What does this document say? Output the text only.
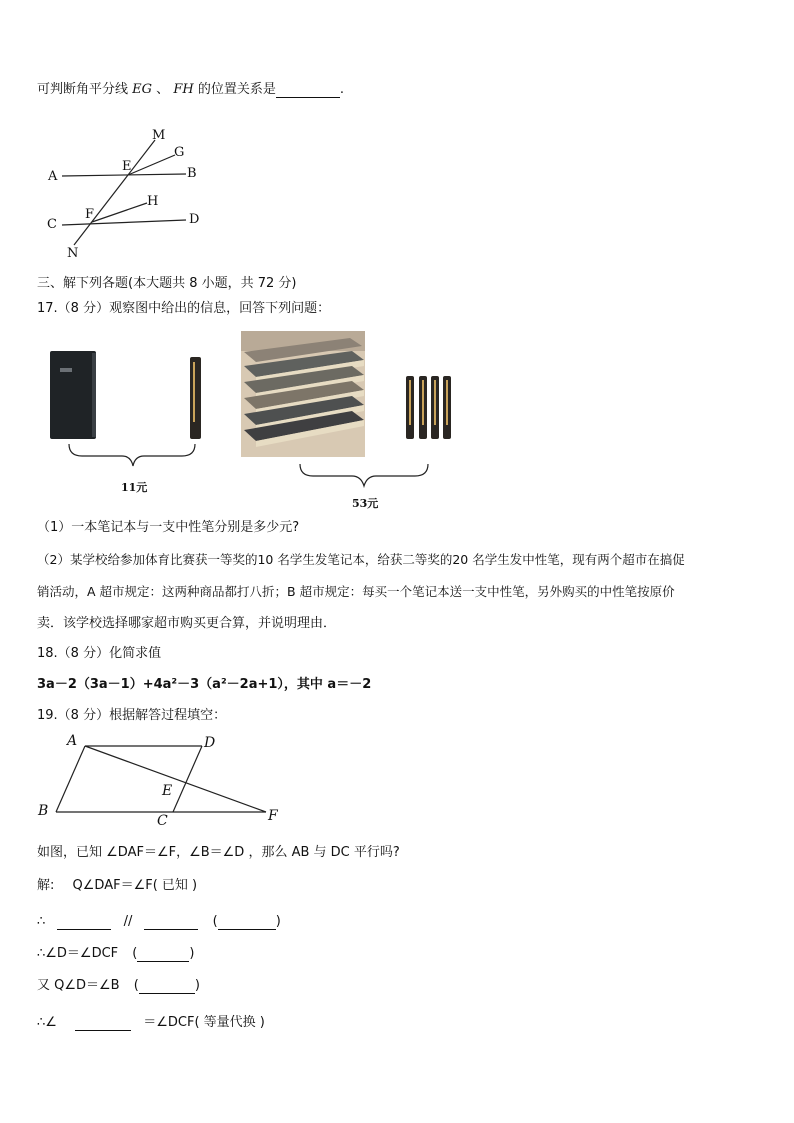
可判断角平分线 EG 、 FH 的位置关系是	.
M
G
A
E	B
H
C
F	D
N
三、解下列各题(本大题共 8 小题，共 72 分)
17.（8 分）观察图中给出的信息，回答下列问题：
11元
53元
（1）一本笔记本与一支中性笔分别是多少元?
（2）某学校给参加体育比赛获一等奖的10 名学生发笔记本，给获二等奖的20 名学生发中性笔，现有两个超市在搞促
销活动，A 超市规定：这两种商品都打八折；B 超市规定：每买一个笔记本送一支中性笔，另外购买的中性笔按原价
卖．该学校选择哪家超市购买更合算，并说明理由．
18.（8 分）化简求值
3a－2（3a－1）+4a²－3（a²－2a+1），其中 a＝－2
19.（8 分）根据解答过程填空：
A	D
E
B
C	F
如图，已知 ∠DAF＝∠F，∠B＝∠D ，那么 AB 与 DC 平行吗?
解: Q∠DAF＝∠F( 已知 )
∴	//	(	)
∴∠D＝∠DCF (	)
又 Q∠D＝∠B (	)
∴∠	＝∠DCF( 等量代换 )
